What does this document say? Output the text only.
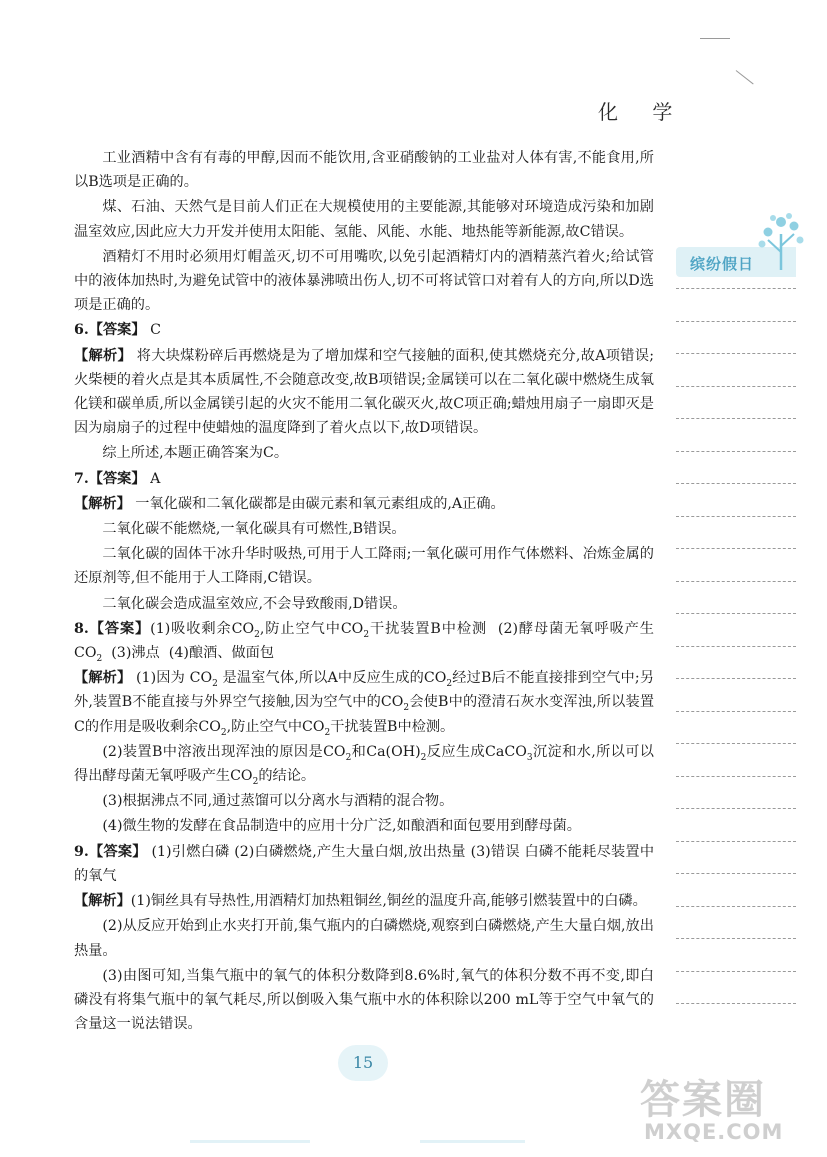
化 学

工业酒精中含有有毒的甲醇,因而不能饮用,含亚硝酸钠的工业盐对人体有害,不能食用,所以B选项是正确的。

煤、石油、天然气是目前人们正在大规模使用的主要能源,其能够对环境造成污染和加剧温室效应,因此应大力开发并使用太阳能、氢能、风能、水能、地热能等新能源,故C错误。

酒精灯不用时必须用灯帽盖灭,切不可用嘴吹,以免引起酒精灯内的酒精蒸汽着火;给试管中的液体加热时,为避免试管中的液体暴沸喷出伤人,切不可将试管口对着有人的方向,所以D选项是正确的。

6.【答案】 C

【解析】 将大块煤粉碎后再燃烧是为了增加煤和空气接触的面积,使其燃烧充分,故A项错误;火柴梗的着火点是其本质属性,不会随意改变,故B项错误;金属镁可以在二氧化碳中燃烧生成氧化镁和碳单质,所以金属镁引起的火灾不能用二氧化碳灭火,故C项正确;蜡烛用扇子一扇即灭是因为扇扇子的过程中使蜡烛的温度降到了着火点以下,故D项错误。

综上所述,本题正确答案为C。

7.【答案】 A

【解析】 一氧化碳和二氧化碳都是由碳元素和氧元素组成的,A正确。

二氧化碳不能燃烧,一氧化碳具有可燃性,B错误。

二氧化碳的固体干冰升华时吸热,可用于人工降雨;一氧化碳可用作气体燃料、冶炼金属的还原剂等,但不能用于人工降雨,C错误。

二氧化碳会造成温室效应,不会导致酸雨,D错误。

8.【答案】(1)吸收剩余$CO_2$,防止空气中$CO_2$干扰装置B中检测 (2)酵母菌无氧呼吸产生 $CO_2$ (3)沸点 (4)酿酒、做面包

【解析】 (1)因为 $CO_2$ 是温室气体,所以A中反应生成的$CO_2$经过B后不能直接排到空气中;另外,装置B不能直接与外界空气接触,因为空气中的$CO_2$会使B中的澄清石灰水变浑浊,所以装置C的作用是吸收剩余$CO_2$,防止空气中$CO_2$干扰装置B中检测。

(2)装置B中溶液出现浑浊的原因是$CO_2$和$Ca(OH)_2$反应生成CaCO$_3$沉淀和水,所以可以得出酵母菌无氧呼吸产生$CO_2$的结论。

(3)根据沸点不同,通过蒸馏可以分离水与酒精的混合物。

(4)微生物的发酵在食品制造中的应用十分广泛,如酿酒和面包要用到酵母菌。

9.【答案】 (1)引燃白磷 (2)白磷燃烧,产生大量白烟,放出热量 (3)错误 白磷不能耗尽装置中的氧气

【解析】(1)铜丝具有导热性,用酒精灯加热粗铜丝,铜丝的温度升高,能够引燃装置中的白磷。

(2)从反应开始到止水夹打开前,集气瓶内的白磷燃烧,观察到白磷燃烧,产生大量白烟,放出热量。

(3)由图可知,当集气瓶中的氧气的体积分数降到8.6%时,氧气的体积分数不再不变,即白磷没有将集气瓶中的氧气耗尽,所以倒吸入集气瓶中水的体积除以200 mL等于空气中氧气的含量这一说法错误。

缤纷假日
15
答案圈
MXQE.COM
